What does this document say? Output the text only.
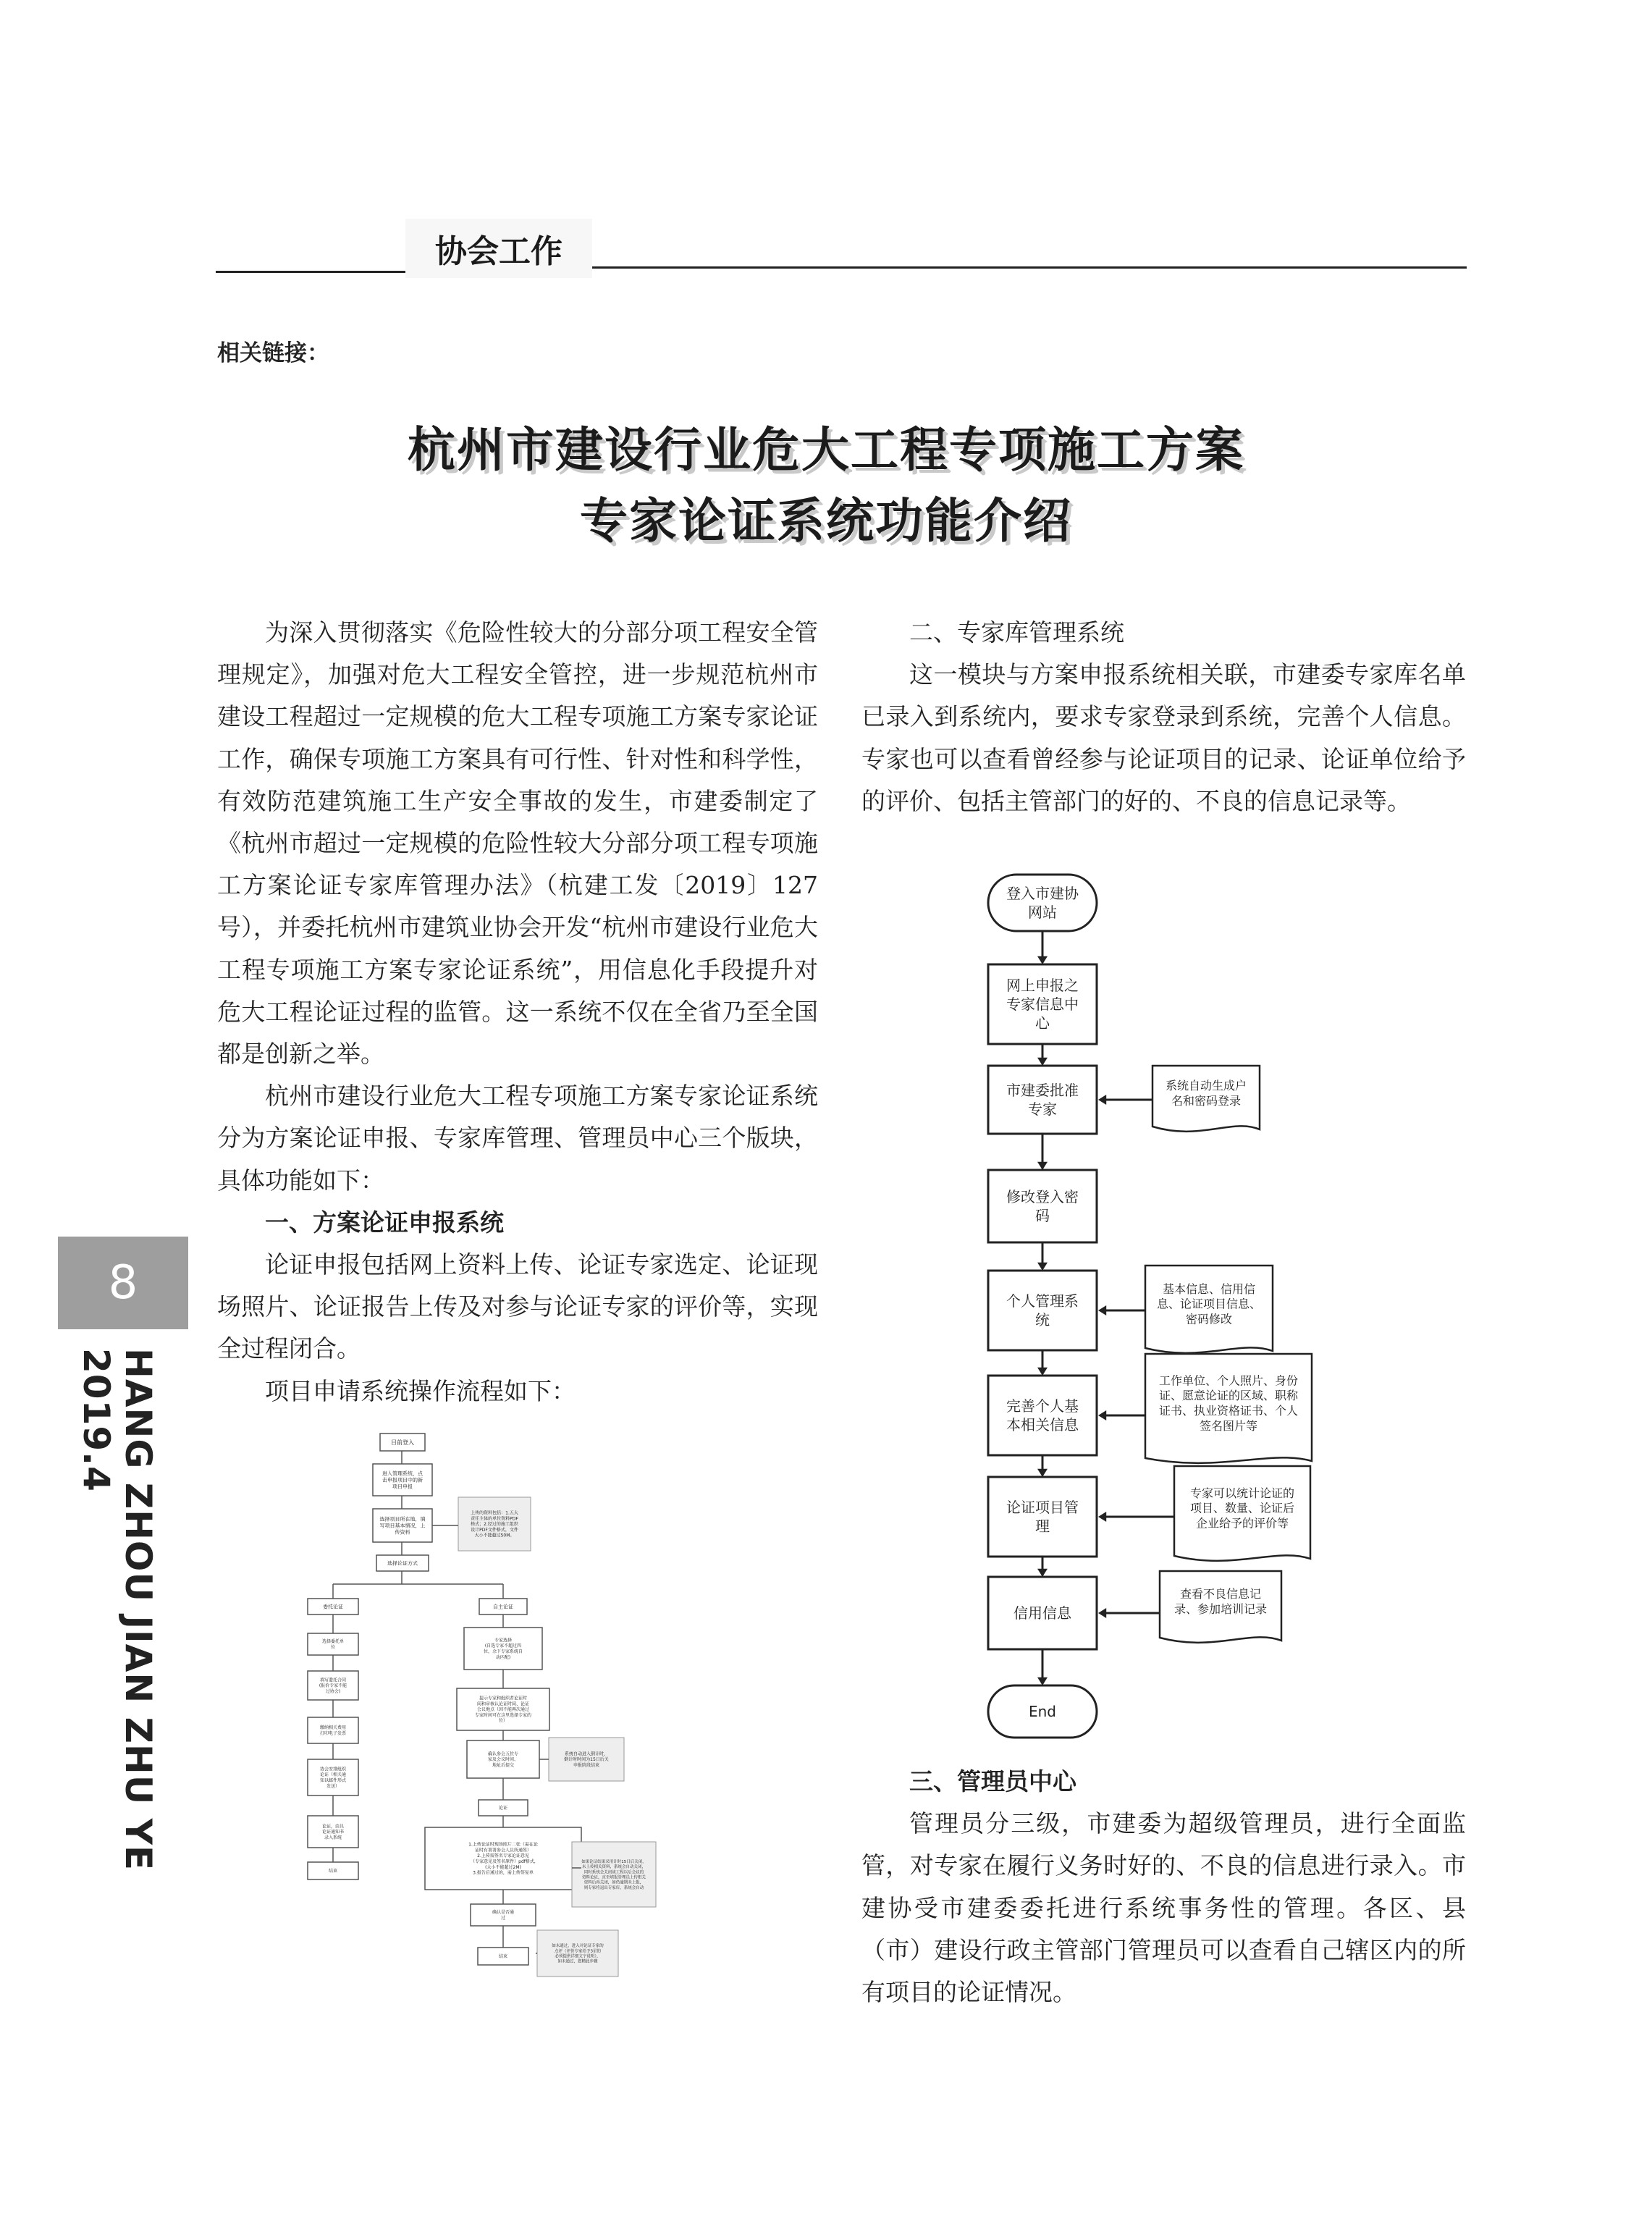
协会工作
相关链接：
杭州市建设行业危大工程专项施工方案
专家论证系统功能介绍

为深入贯彻落实《危险性较大的分部分项工程安全管理规定》，加强对危大工程安全管控，进一步规范杭州市建设工程超过一定规模的危大工程专项施工方案专家论证工作，确保专项施工方案具有可行性、针对性和科学性，有效防范建筑施工生产安全事故的发生，市建委制定了《杭州市超过一定规模的危险性较大分部分项工程专项施工方案论证专家库管理办法》（杭建工发〔2019〕127号），并委托杭州市建筑业协会开发“杭州市建设行业危大工程专项施工方案专家论证系统”，用信息化手段提升对危大工程论证过程的监管。这一系统不仅在全省乃至全国都是创新之举。

杭州市建设行业危大工程专项施工方案专家论证系统分为方案论证申报、专家库管理、管理员中心三个版块，具体功能如下：

一、方案论证申报系统

论证申报包括网上资料上传、论证专家选定、论证现场照片、论证报告上传及对参与论证专家的评价等，实现全过程闭合。

项目申请系统操作流程如下：

二、专家库管理系统

这一模块与方案申报系统相关联，市建委专家库名单已录入到系统内，要求专家登录到系统，完善个人信息。专家也可以查看曾经参与论证项目的记录、论证单位给予的评价、包括主管部门的好的、不良的信息记录等。

三、管理员中心

管理员分三级，市建委为超级管理员，进行全面监管，对专家在履行义务时好的、不良的信息进行录入。市建协受市建委委托进行系统事务性的管理。各区、县（市）建设行政主管部门管理员可以查看自己辖区内的所有项目的论证情况。

8
HANG ZHOU JIAN ZHU YE 2019.4
登入市建协
网站
网上申报之
专家信息中
心
市建委批准
专家
修改登入密
码
个人管理系
统
完善个人基
本相关信息
论证项目管
理
信用信息
End
系统自动生成户
名和密码登录
基本信息、信用信
息、论证项目信息、
密码修改
工作单位、个人照片、身份
证、愿意论证的区域、职称
证书、执业资格证书、个人
签名图片等
专家可以统计论证的
项目、数量、论证后
企业给予的评价等
查看不良信息记
录、参加培训记录
目前登入
进入管理系统，点
击申报项目中的新
项目申报
选择项目所在地，填
写项目基本情况，上
传资料
上传的资料包括：1.五大
责任主体的单位资料PDF
格式；2.经过的施工组织
设计PDF文件格式，文件
大小不能超过50M。
选择论证方式
委托论证
选择委托单
位
填写委托合同
(报价专家不能
过协会)
缴纳相关费用
打印电子发票
协会安排组织
论证（相关通
知以邮件形式
发送）
论证，由具
论证通知书
录入系统
结束
自主论证
专家选择
(自选专家不超过四
位，余下专家系统自
动匹配)
提示专家和组织者论证时
间和审核认论证时间、论证
会议地点（因不能再次通过
专家时间可在这里选择专家的
位）
确认参会五位专
家及会议时间、
地址后提交
论证
1.上传论证时现场照片二张（需在论
证时有署署参会人员所通签）
2.上传需签名专家论证意见
（专家意见及签名原件）pdf格式,
(大小不能超过2M)
3.报告后通过的，需上传签复单
确认是否通
过
结束
系统自动进入倒计时，
倒计时时间为15日后关
申报阶段结束
如果论证结果采用计时15日后关闭，
未上传相关资料，系统会自动关闭，
同时系统会关闭该工程以后会议的
资料论证，直至填报管理员上传相关
资料后再关闭，如仍逾期未上报，
则专家将退出专家库，系统会自动
如未通过，进入对论证专家的
点评（评价专家给予3星的
必须提供详细文字说明），
如未通过，您精此步骤
